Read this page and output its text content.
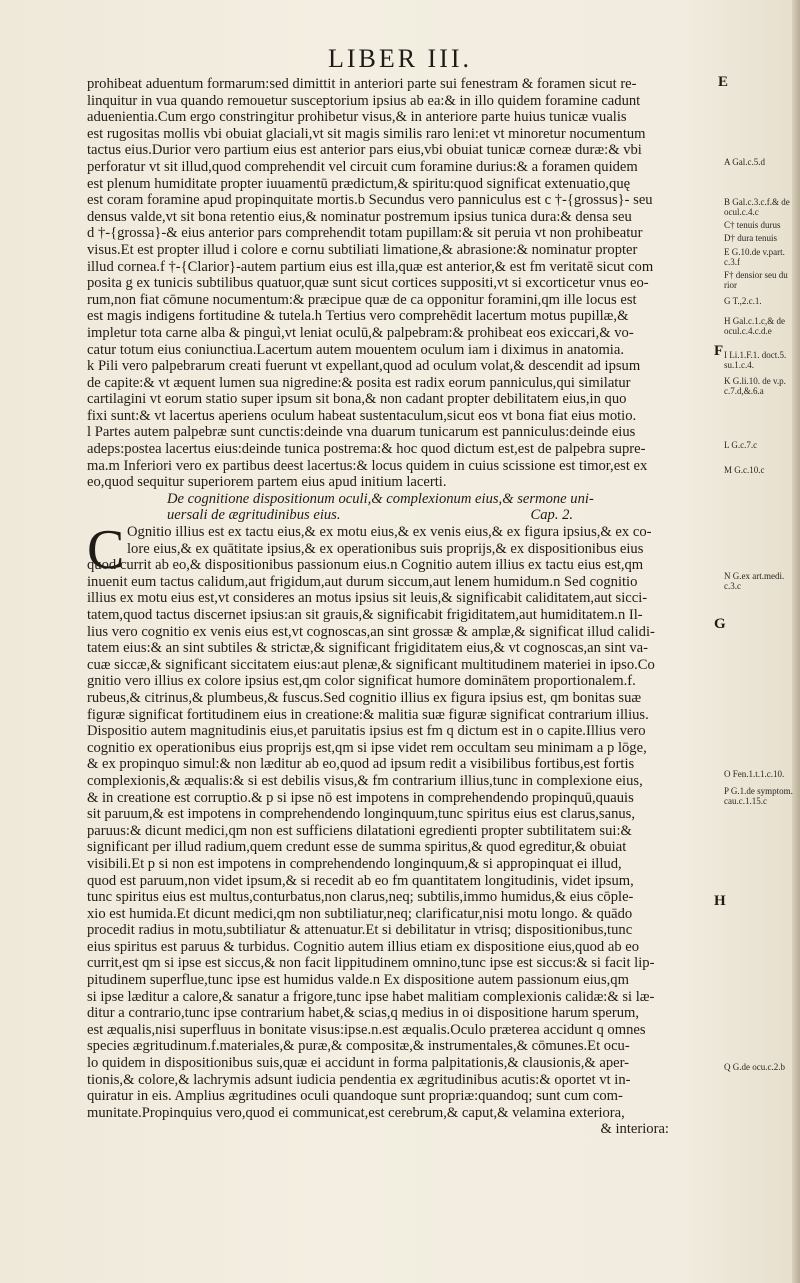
LIBER III.
prohibeat aduentum formarum:sed dimittit in anteriori parte sui fenestram & foramen sicut re-
linquitur in vua quando remouetur susceptorium ipsius ab ea:& in illo quidem foramine cadunt
aduenientia.Cum ergo constringitur prohibetur visus,& in anteriore parte huius tunicæ vualis
est rugositas mollis vbi obuiat glaciali,vt sit magis similis raro leni:et vt minoretur nocumentum
tactus eius.Durior vero partium eius est anterior pars eius,vbi obuiat tunicæ corneæ duræ:& vbi
perforatur vt sit illud,quod comprehendit vel circuit cum foramine durius:& a foramen quidem
est plenum humiditate propter iuuamentū prædictum,& spiritu:quod significat extenuatio,quę
est coram foramine apud propinquitate mortis.b Secundus vero panniculus est c †-{grossus}- seu
densus valde,vt sit bona retentio eius,& nominatur postremum ipsius tunica dura:& densa seu
d †-{grossa}-& eius anterior pars comprehendit totam pupillam:& sit peruia vt non prohibeatur
visus.Et est propter illud i colore e cornu subtiliati limatione,& abrasione:& nominatur propter
illud cornea.f †-{Clarior}-autem partium eius est illa,quæ est anterior,& est fm veritatē sicut com
posita g ex tunicis subtilibus quatuor,quæ sunt sicut cortices suppositi,vt si excorticetur vnus eo-
rum,non fiat cōmune nocumentum:& præcipue quæ de ca opponitur foramini,qm ille locus est
est magis indigens fortitudine & tutela.h Tertius vero comprehēdit lacertum motus pupillæ,&
impletur tota carne alba & pinguì,vt leniat oculū,& palpebram:& prohibeat eos exiccari,& vo-
catur totum eius coniunctiua.Lacertum autem mouentem oculum iam i diximus in anatomia.
k Pili vero palpebrarum creati fuerunt vt expellant,quod ad oculum volat,& descendit ad ipsum
de capite:& vt æquent lumen sua nigredine:& posita est radix eorum panniculus,qui similatur
cartilagini vt eorum statio super ipsum sit bona,& non cadant propter debilitatem eius,in quo
fixi sunt:& vt lacertus aperiens oculum habeat sustentaculum,sicut eos vt bona fiat eius motio.
l Partes autem palpebræ sunt cunctis:deinde vna duarum tunicarum est panniculus:deinde eius
adeps:postea lacertus eius:deinde tunica postrema:& hoc quod dictum est,est de palpebra supre-
ma.m Inferiori vero ex partibus deest lacertus:& locus quidem in cuius scissione est timor,est ex
eo,quod sequitur superiorem partem eius apud initium lacerti.
De cognitione dispositionum oculi,& complexionum eius,& sermone uni-
uersali de ægritudinibus eius.	Cap. 2.
C Ognitio illius est ex tactu eius,& ex motu eius,& ex venis eius,& ex figura ipsius,& ex co-
lore eius,& ex quātitate ipsius,& ex operationibus suis proprijs,& ex dispositionibus eius
quod currit ab eo,& dispositionibus passionum eius.n Cognitio autem illius ex tactu eius est,qm
inuenit eum tactus calidum,aut frigidum,aut durum siccum,aut lenem humidum.n Sed cognitio
illius ex motu eius est,vt consideres an motus ipsius sit leuis,& significabit caliditatem,aut sicci-
tatem,quod tactus discernet ipsius:an sit grauis,& significabit frigiditatem,aut humiditatem.n Il-
lius vero cognitio ex venis eius est,vt cognoscas,an sint grossæ & amplæ,& significat illud calidi-
tatem eius:& an sint subtiles & strictæ,& significant frigiditatem eius,& vt cognoscas,an sint va-
cuæ siccæ,& significant siccitatem eius:aut plenæ,& significant multitudinem materiei in ipso.Co
gnitio vero illius ex colore ipsius est,qm color significat humore dominātem proportionalem.f.
rubeus,& citrinus,& plumbeus,& fuscus.Sed cognitio illius ex figura ipsius est, qm bonitas suæ
figuræ significat fortitudinem eius in creatione:& malitia suæ figuræ significat contrarium illius.
Dispositio autem magnitudinis eius,et paruitatis ipsius est fm q dictum est in o capite.Illius vero
cognitio ex operationibus eius proprijs est,qm si ipse videt rem occultam seu minimam a p lōge,
& ex propinquo simul:& non læditur ab eo,quod ad ipsum redit a visibilibus fortibus,est fortis
complexionis,& æqualis:& si est debilis visus,& fm contrarium illius,tunc in complexione eius,
& in creatione est corruptio.& p si ipse nō est impotens in comprehendendo propinquū,quauis
sit paruum,& est impotens in comprehendendo longinquum,tunc spiritus eius est clarus,sanus,
paruus:& dicunt medici,qm non est sufficiens dilatationi egredienti propter subtilitatem sui:&
significant per illud radium,quem credunt esse de summa spiritus,& quod egreditur,& obuiat
visibili.Et p si non est impotens in comprehendendo longinquum,& si appropinquat ei illud,
quod est paruum,non videt ipsum,& si recedit ab eo fm quantitatem longitudinis, videt ipsum,
tunc spiritus eius est multus,conturbatus,non clarus,neq; subtilis,immo humidus,& eius cōple-
xio est humida.Et dicunt medici,qm non subtiliatur,neq; clarificatur,nisi motu longo. & quādo
procedit radius in motu,subtiliatur & attenuatur.Et si debilitatur in vtrisq; dispositionibus,tunc
eius spiritus est paruus & turbidus. Cognitio autem illius etiam ex dispositione eius,quod ab eo
currit,est qm si ipse est siccus,& non facit lippitudinem omnino,tunc ipse est siccus:& si facit lip-
pitudinem superflue,tunc ipse est humidus valde.n Ex dispositione autem passionum eius,qm
si ipse læditur a calore,& sanatur a frigore,tunc ipse habet malitiam complexionis calidæ:& si læ-
ditur a contrario,tunc ipse contrarium habet,& scias,q medius in oi dispositione harum sperum,
est æqualis,nisi superfluus in bonitate visus:ipse.n.est æqualis.Oculo præterea accidunt q omnes
species ægritudinum.f.materiales,& puræ,& compositæ,& instrumentales,& cōmunes.Et ocu-
lo quidem in dispositionibus suis,quæ ei accidunt in forma palpitationis,& clausionis,& aper-
tionis,& colore,& lachrymis adsunt iudicia pendentia ex ægritudinibus acutis:& oportet vt in-
quiratur in eis. Amplius ægritudines oculi quandoque sunt propriæ:quandoq; sunt cum com-
munitate.Propinquius vero,quod ei communicat,est cerebrum,& caput,& velamina exteriora,
& interiora:
E
A Gal.c.5.d
B Gal.c.3.c.f.& de ocul.c.4.c
C† tenuis durus
D† dura tenuis
E G.10.de v.part. c.3.f
F† densior seu du rior
G T.,2.c.1.
H Gal.c.1.c,& de ocul.c.4.c.d.e
F I Li.1.F.1. doct.5. su.1.c.4.
K G.li.10. de v.p. c.7.d,&.6.a
L G.c.7.c
M G.c.10.c
N G.ex art.medi. c.3.c
G
O Fen.1.t.1.c.10.
P G.1.de symptom. cau.c.1.15.c
H
Q G.de ocu.c.2.b
